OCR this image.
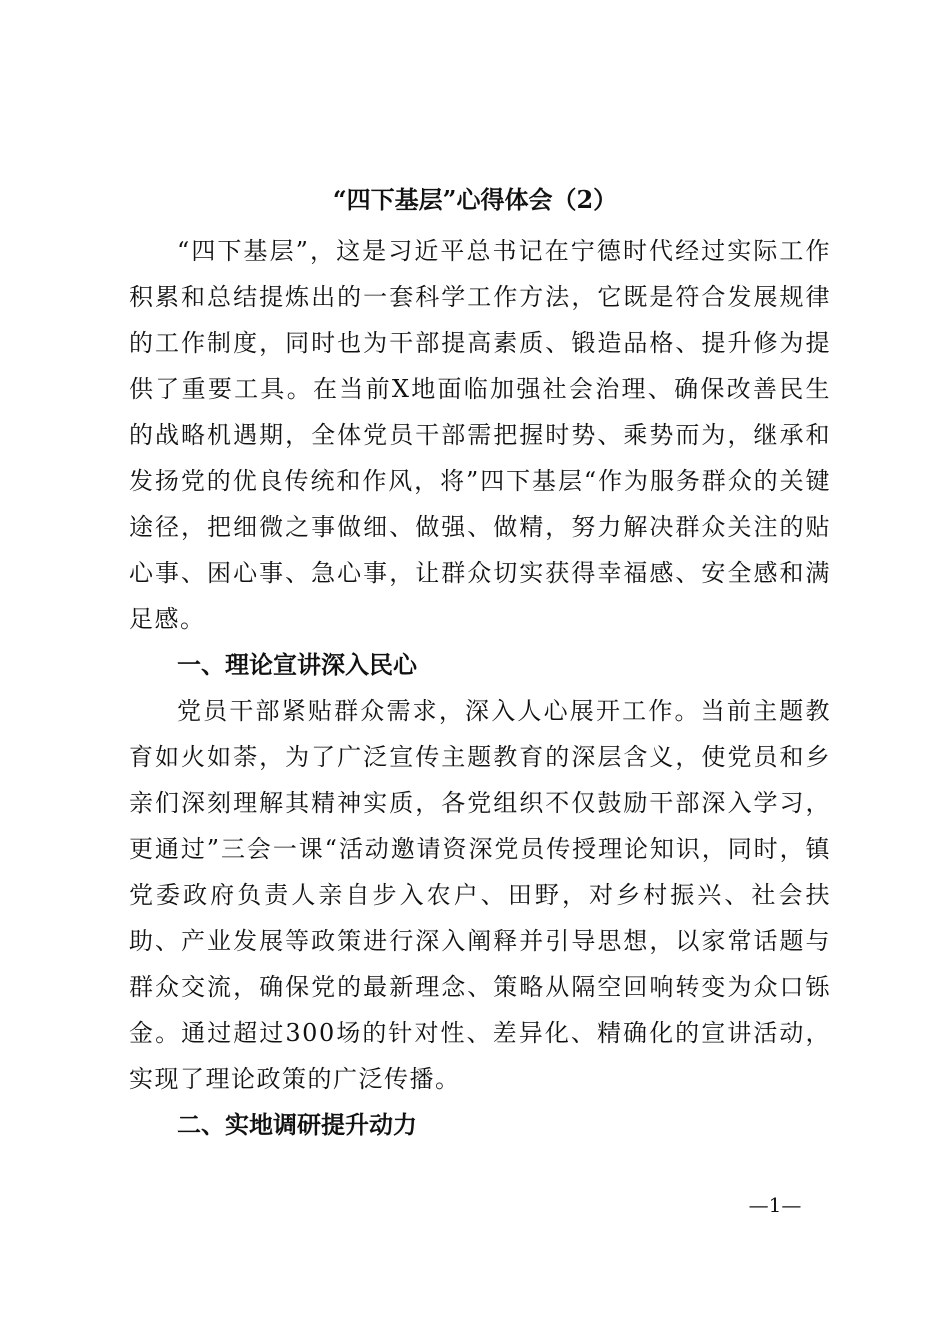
“四下基层”心得体会（2）

“四下基层”，这是习近平总书记在宁德时代经过实际工作积累和总结提炼出的一套科学工作方法，它既是符合发展规律的工作制度，同时也为干部提高素质、锻造品格、提升修为提供了重要工具。在当前X地面临加强社会治理、确保改善民生的战略机遇期，全体党员干部需把握时势、乘势而为，继承和发扬党的优良传统和作风，将”四下基层“作为服务群众的关键途径，把细微之事做细、做强、做精，努力解决群众关注的贴心事、困心事、急心事，让群众切实获得幸福感、安全感和满足感。

一、理论宣讲深入民心

党员干部紧贴群众需求，深入人心展开工作。当前主题教育如火如荼，为了广泛宣传主题教育的深层含义，使党员和乡亲们深刻理解其精神实质，各党组织不仅鼓励干部深入学习，更通过”三会一课“活动邀请资深党员传授理论知识，同时，镇党委政府负责人亲自步入农户、田野，对乡村振兴、社会扶助、产业发展等政策进行深入阐释并引导思想，以家常话题与群众交流，确保党的最新理念、策略从隔空回响转变为众口铄金。通过超过300场的针对性、差异化、精确化的宣讲活动，实现了理论政策的广泛传播。

二、实地调研提升动力

—1—
